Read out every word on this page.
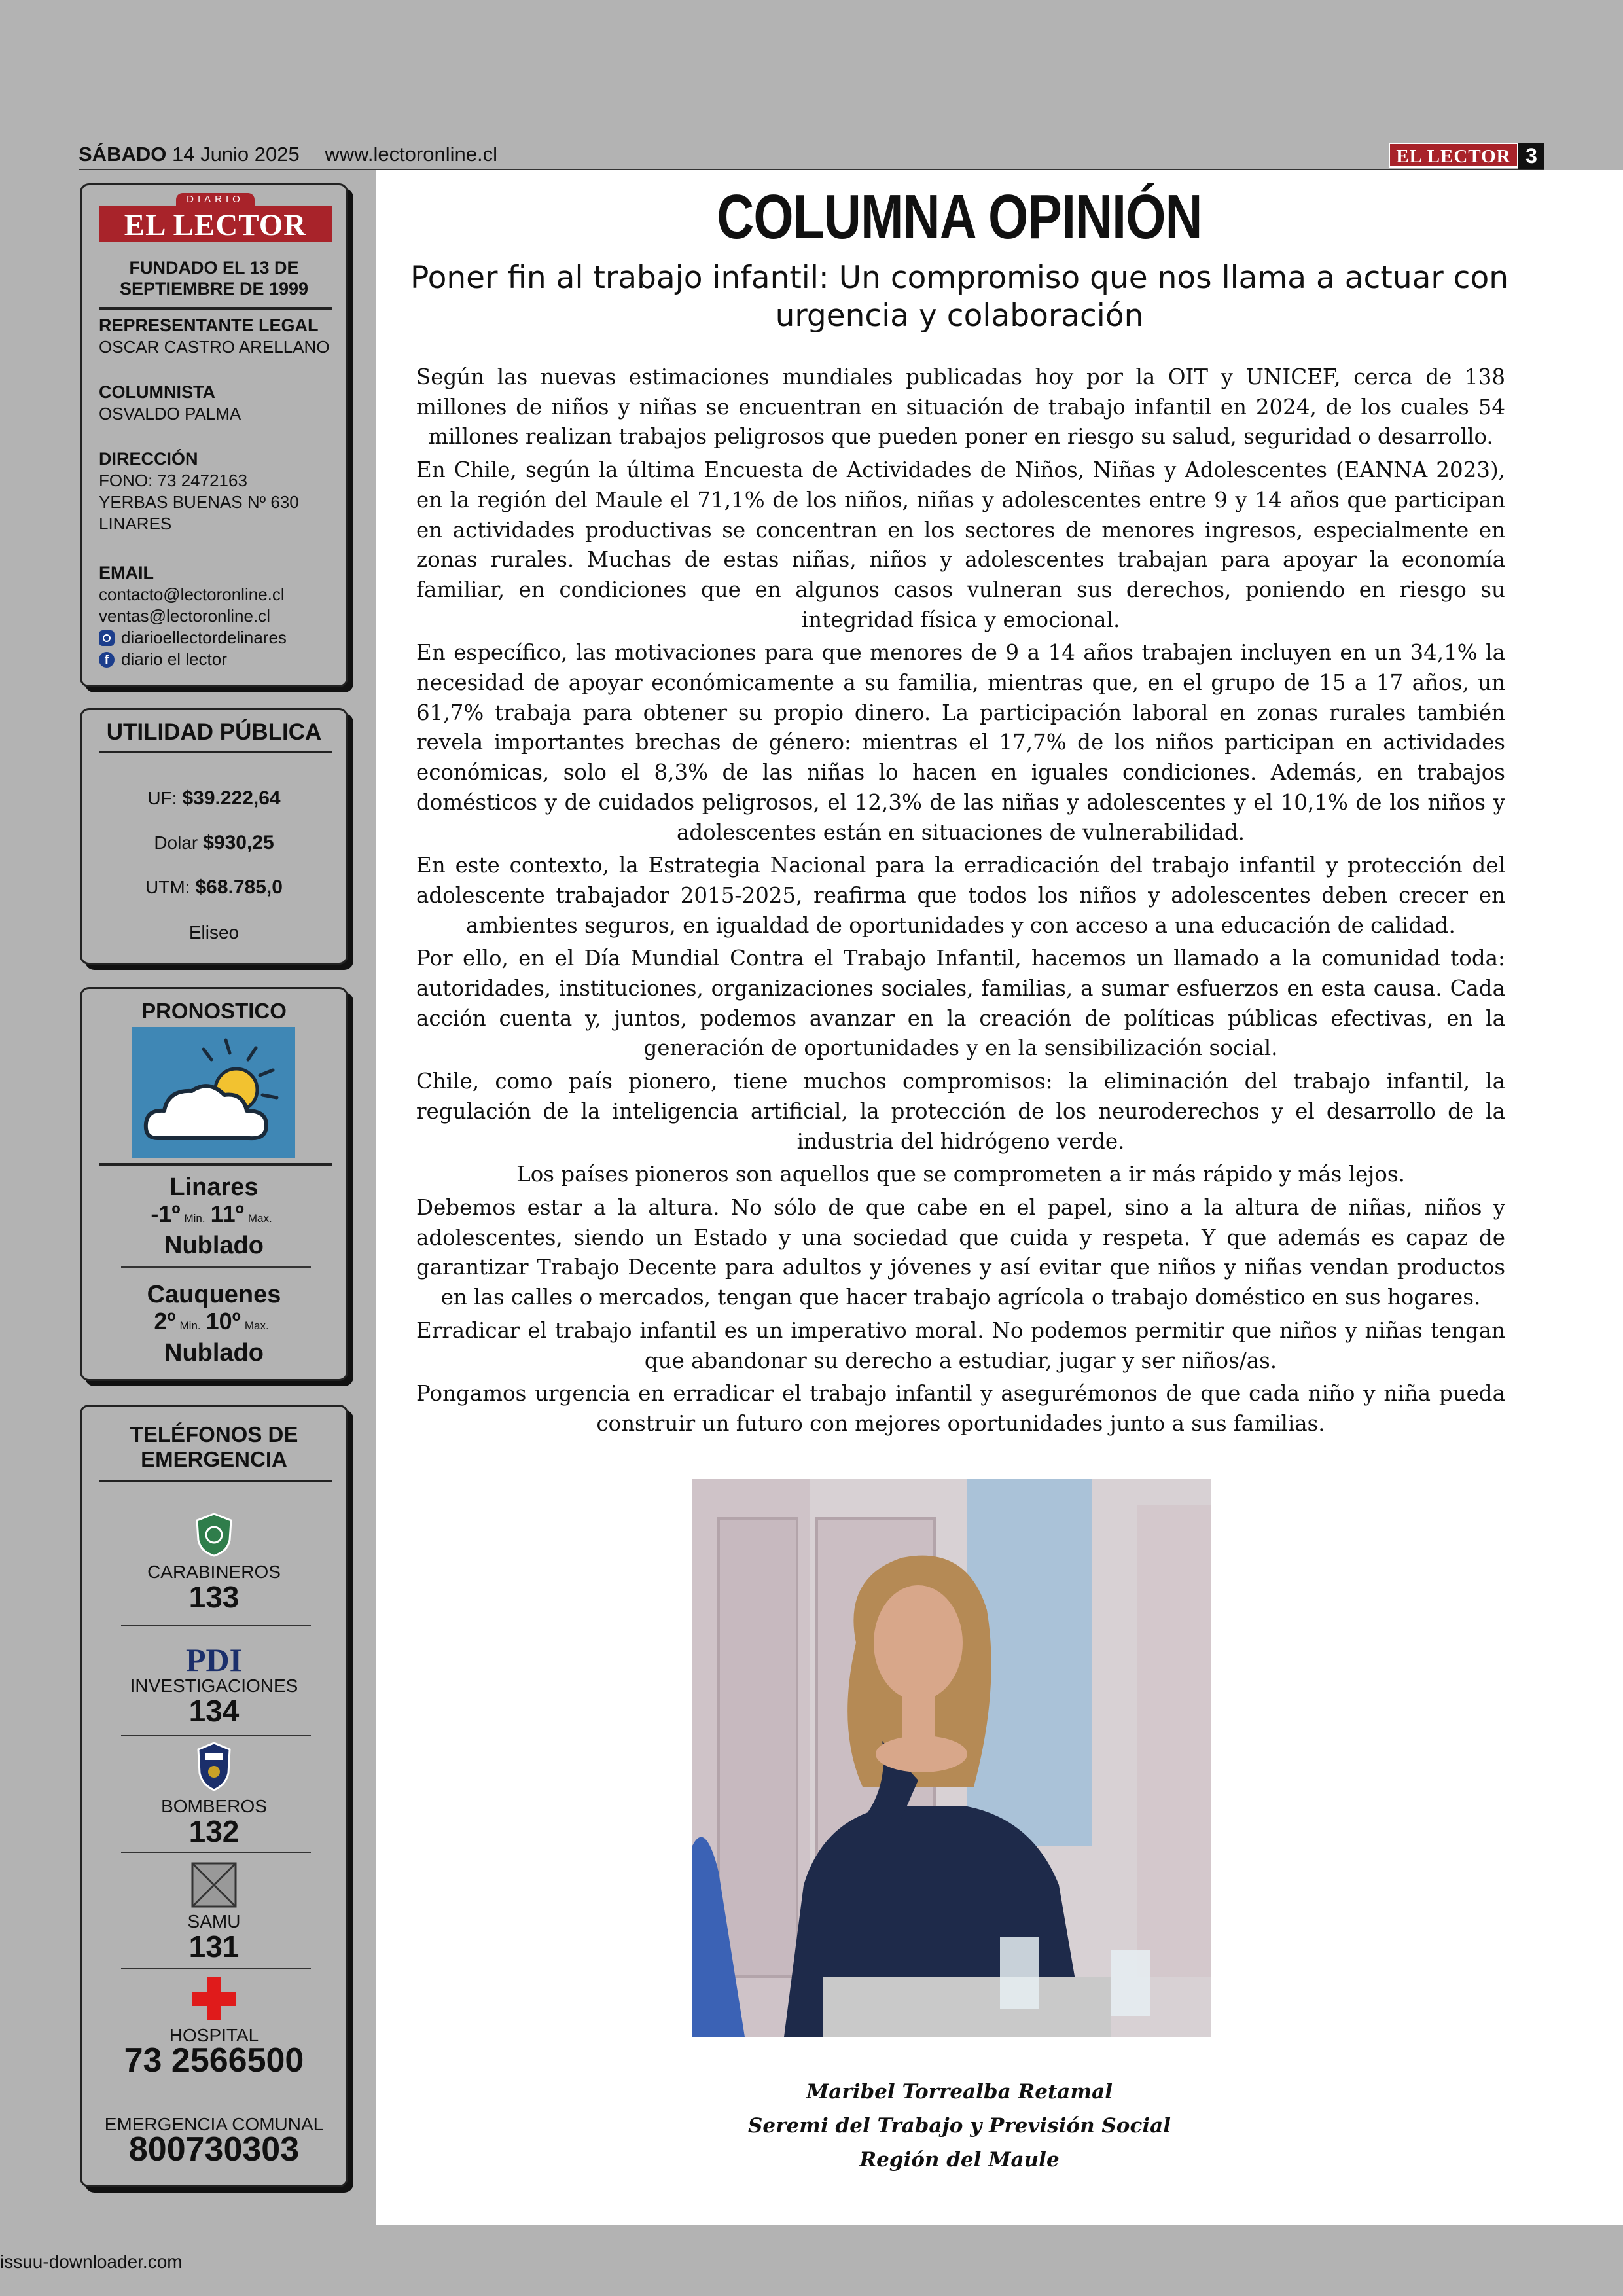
SÁBADO 14 Junio 2025 www.lectoronline.cl	EL LECTOR 3
DIARIO
EL LECTOR
FUNDADO EL 13 DE
SEPTIEMBRE DE 1999
REPRESENTANTE LEGAL
OSCAR CASTRO ARELLANO
COLUMNISTA
OSVALDO PALMA
DIRECCIÓN
FONO: 73 2472163
YERBAS BUENAS Nº 630
LINARES
EMAIL
contacto@lectoronline.cl
ventas@lectoronline.cl
diarioellectordelinares
f diario el lector
UTILIDAD PÚBLICA
UF: $39.222,64
Dolar $930,25
UTM: $68.785,0
Eliseo
PRONOSTICO
Linares
-1º Min. 11º Max.
Nublado
Cauquenes
2º Min. 10º Max.
Nublado
TELÉFONOS DE
EMERGENCIA
CARABINEROS
133
PDI
INVESTIGACIONES
134
BOMBEROS
132
SAMU
131
HOSPITAL
73 2566500
EMERGENCIA COMUNAL
800730303
COLUMNA OPINIÓN
Poner fin al trabajo infantil: Un compromiso que nos llama a actuar con urgencia y colaboración

Según las nuevas estimaciones mundiales publicadas hoy por la OIT y UNICEF, cerca de 138 millones de niños y niñas se encuentran en situación de trabajo infantil en 2024, de los cuales 54 millones realizan trabajos peligrosos que pueden poner en riesgo su salud, seguridad o desarrollo.

En Chile, según la última Encuesta de Actividades de Niños, Niñas y Adolescentes (EANNA 2023), en la región del Maule el 71,1% de los niños, niñas y adolescentes entre 9 y 14 años que participan en actividades productivas se concentran en los sectores de menores ingresos, especialmente en zonas rurales. Muchas de estas niñas, niños y adolescentes trabajan para apoyar la economía familiar, en condiciones que en algunos casos vulneran sus derechos, poniendo en riesgo su integridad física y emocional.

En específico, las motivaciones para que menores de 9 a 14 años trabajen incluyen en un 34,1% la necesidad de apoyar económicamente a su familia, mientras que, en el grupo de 15 a 17 años, un 61,7% trabaja para obtener su propio dinero. La participación laboral en zonas rurales también revela importantes brechas de género: mientras el 17,7% de los niños participan en actividades económicas, solo el 8,3% de las niñas lo hacen en iguales condiciones. Además, en trabajos domésticos y de cuidados peligrosos, el 12,3% de las niñas y adolescentes y el 10,1% de los niños y adolescentes están en situaciones de vulnerabilidad.

En este contexto, la Estrategia Nacional para la erradicación del trabajo infantil y protección del adolescente trabajador 2015-2025, reafirma que todos los niños y adolescentes deben crecer en ambientes seguros, en igualdad de oportunidades y con acceso a una educación de calidad.

Por ello, en el Día Mundial Contra el Trabajo Infantil, hacemos un llamado a la comunidad toda: autoridades, instituciones, organizaciones sociales, familias, a sumar esfuerzos en esta causa. Cada acción cuenta y, juntos, podemos avanzar en la creación de políticas públicas efectivas, en la generación de oportunidades y en la sensibilización social.

Chile, como país pionero, tiene muchos compromisos: la eliminación del trabajo infantil, la regulación de la inteligencia artificial, la protección de los neuroderechos y el desarrollo de la industria del hidrógeno verde.

Los países pioneros son aquellos que se comprometen a ir más rápido y más lejos.

Debemos estar a la altura. No sólo de que cabe en el papel, sino a la altura de niñas, niños y adolescentes, siendo un Estado y una sociedad que cuida y respeta. Y que además es capaz de garantizar Trabajo Decente para adultos y jóvenes y así evitar que niños y niñas vendan productos en las calles o mercados, tengan que hacer trabajo agrícola o trabajo doméstico en sus hogares.

Erradicar el trabajo infantil es un imperativo moral. No podemos permitir que niños y niñas tengan que abandonar su derecho a estudiar, jugar y ser niños/as.

Pongamos urgencia en erradicar el trabajo infantil y asegurémonos de que cada niño y niña pueda construir un futuro con mejores oportunidades junto a sus familias.

Maribel Torrealba Retamal
Seremi del Trabajo y Previsión Social
Región del Maule
issuu-downloader.com
